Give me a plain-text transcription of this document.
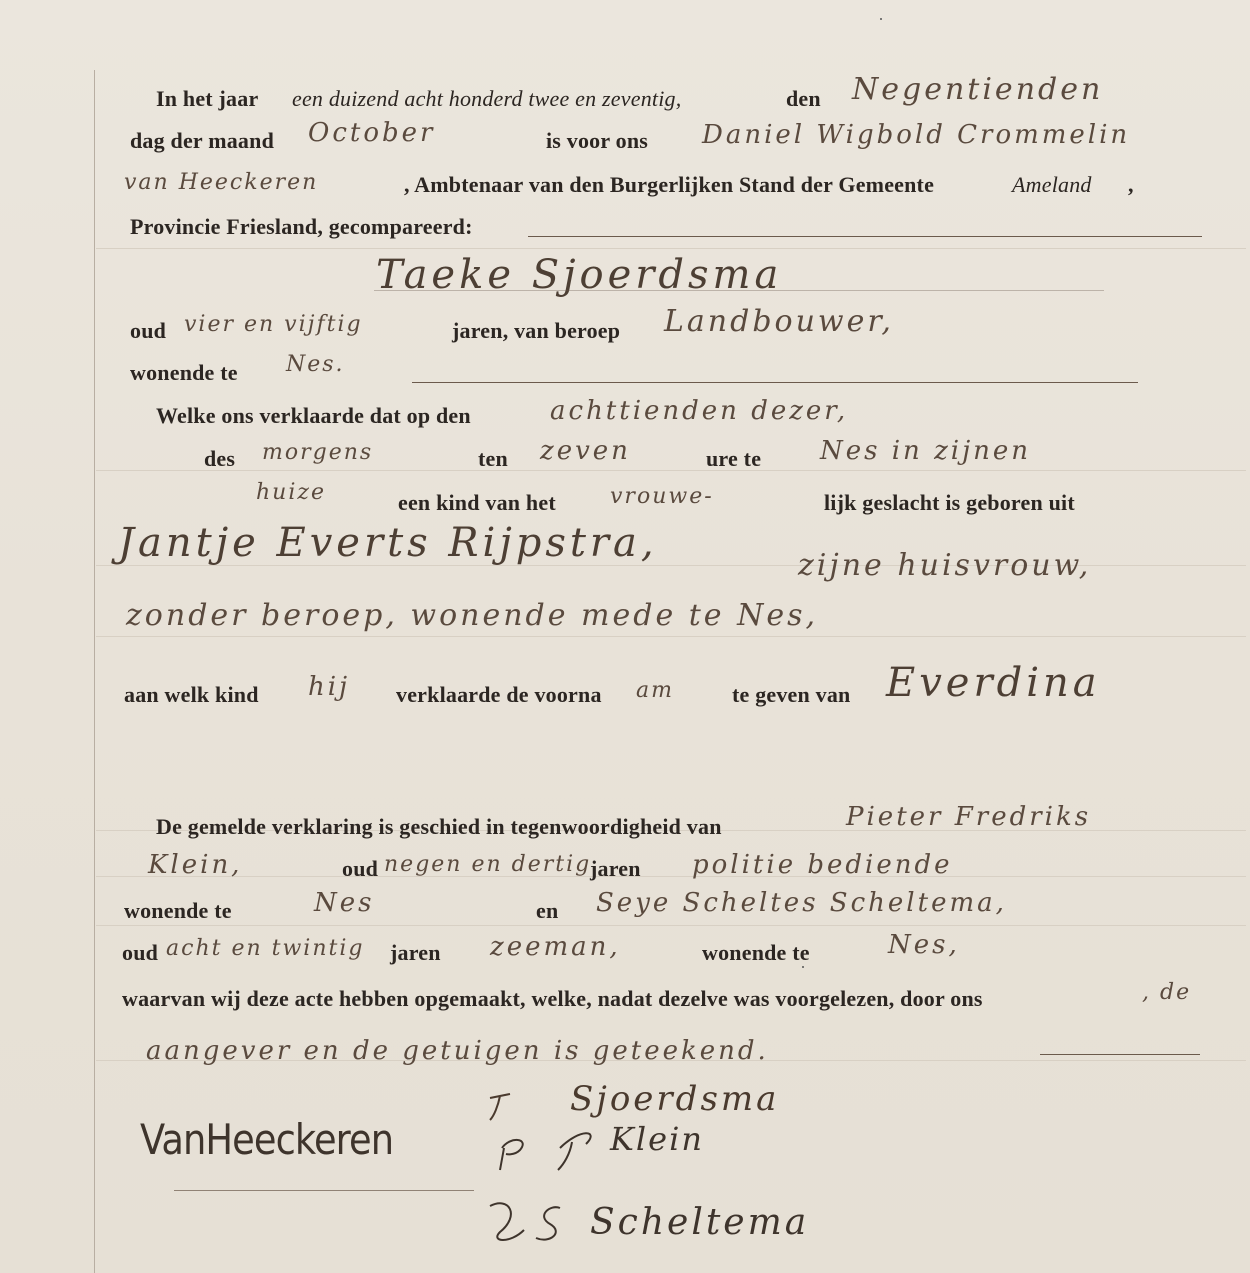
In het jaar een duizend acht honderd twee en zeventig,	den Negentienden
dag der maand October	is voor ons Daniel Wigbold Crommelin
van Heeckeren	, Ambtenaar van den Burgerlijken Stand der Gemeente	Ameland ,
Provincie Friesland, gecompareerd:
Taeke Sjoerdsma
oud vier en vijftig	jaren, van beroep Landbouwer,
wonende te Nes.
Welke ons verklaarde dat op den	achttienden dezer,
des morgens	ten zeven	ure te Nes in zijnen
huize	een kind van het vrouwe-	lijk geslacht is geboren uit
Jantje Everts Rijpstra,	zijne huisvrouw,
zonder beroep, wonende mede te Nes,
aan welk kind hij verklaarde de voorna am	te geven van Everdina
De gemelde verklaring is geschied in tegenwoordigheid van	Pieter Fredriks
Klein,	oud negen en dertig
jaren politie bediende
wonende te	Nes	en Seye Scheltes Scheltema,
oud acht en twintig jaren zeeman,	wonende te	Nes,
waarvan wij deze acte hebben opgemaakt, welke, nadat dezelve was voorgelezen, door ons	, de
aangever en de getuigen is geteekend.
Sjoerdsma
VanHeeckeren	Klein
Scheltema
